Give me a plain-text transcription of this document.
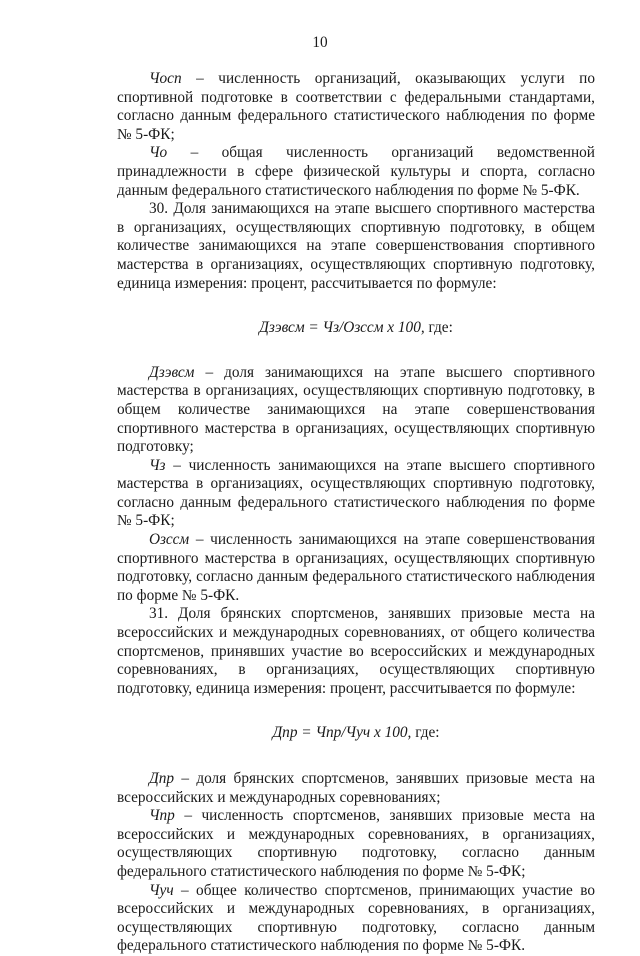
10

Чосп – численность организаций, оказывающих услуги по спортивной подготовке в соответствии с федеральными стандартами, согласно данным федерального статистического наблюдения по форме № 5-ФК;

Чо – общая численность организаций ведомственной принадлежности в сфере физической культуры и спорта, согласно данным федерального статистического наблюдения по форме № 5-ФК.

30. Доля занимающихся на этапе высшего спортивного мастерства в организациях, осуществляющих спортивную подготовку, в общем количестве занимающихся на этапе совершенствования спортивного мастерства в организациях, осуществляющих спортивную подготовку, единица измерения: процент, рассчитывается по формуле:

Дзэвсм = Чз/Озссм x 100, где:

Дзэвсм – доля занимающихся на этапе высшего спортивного мастерства в организациях, осуществляющих спортивную подготовку, в общем количестве занимающихся на этапе совершенствования спортивного мастерства в организациях, осуществляющих спортивную подготовку;

Чз – численность занимающихся на этапе высшего спортивного мастерства в организациях, осуществляющих спортивную подготовку, согласно данным федерального статистического наблюдения по форме № 5-ФК;

Озссм – численность занимающихся на этапе совершенствования спортивного мастерства в организациях, осуществляющих спортивную подготовку, согласно данным федерального статистического наблюдения по форме № 5-ФК.

31. Доля брянских спортсменов, занявших призовые места на всероссийских и международных соревнованиях, от общего количества спортсменов, принявших участие во всероссийских и международных соревнованиях, в организациях, осуществляющих спортивную подготовку, единица измерения: процент, рассчитывается по формуле:

Дпр = Чпр/Чуч x 100, где:

Дпр – доля брянских спортсменов, занявших призовые места на всероссийских и международных соревнованиях;

Чпр – численность спортсменов, занявших призовые места на всероссийских и международных соревнованиях, в организациях, осуществляющих спортивную подготовку, согласно данным федерального статистического наблюдения по форме № 5-ФК;

Чуч – общее количество спортсменов, принимающих участие во всероссийских и международных соревнованиях, в организациях, осуществляющих спортивную подготовку, согласно данным федерального статистического наблюдения по форме № 5-ФК.
